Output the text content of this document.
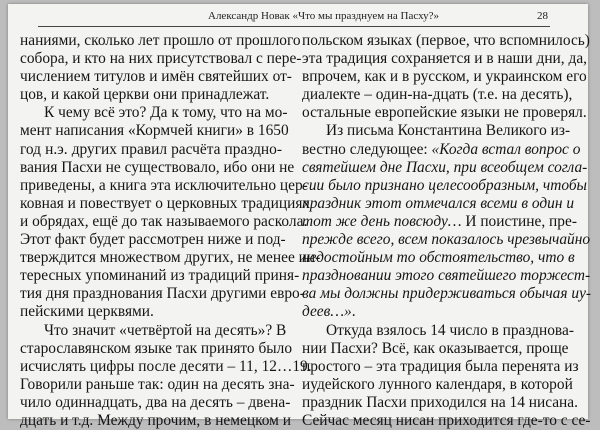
Александр Новак «Что мы празднуем на Пасху?»	28

наниями, сколько лет прошло от прошлого
собора, и кто на них присутствовал с пере-
числением титулов и имён святейших от-
цов, и какой церкви они принадлежат.

К чему всё это? Да к тому, что на мо-
мент написания «Кормчей книги» в 1650
год н.э. других правил расчёта праздно-
вания Пасхи не существовало, ибо они не
приведены, а книга эта исключительно цер-
ковная и повествует о церковных традициях
и обрядах, ещё до так называемого раскола.
Этот факт будет рассмотрен ниже и под-
тверждится множеством других, не менее ин-
тересных упоминаний из традиций приня-
тия дня празднования Пасхи другими евро-
пейскими церквями.

Что значит «четвёртой на десять»? В
старославянском языке так принято было
исчислять цифры после десяти – 11, 12…19.
Говорили раньше так: один на десять зна-
чило одиннадцать, два на десять – двена-
дцать и т.д. Между прочим, в немецком и

польском языках (первое, что вспомнилось)
эта традиция сохраняется и в наши дни, да,
впрочем, как и в русском, и украинском его
диалекте – один-на-дцать (т.е. на десять),
остальные европейские языки не проверял.

Из письма Константина Великого из-
вестно следующее: «Когда встал вопрос о
святейшем дне Пасхи, при всеобщем согла-
сии было признано целесообразным, чтобы
праздник этот отмечался всеми в один и
тот же день повсюду… И поистине, пре-
прежде всего, всем показалось чрезвычайно
недостойным то обстоятельство, что в
праздновании этого святейшего торжест-
ва мы должны придерживаться обычая иу-
деев…».

Откуда взялось 14 число в празднова-
нии Пасхи? Всё, как оказывается, проще
простого – эта традиция была перенята из
иудейского лунного календаря, в которой
праздник Пасхи приходился на 14 нисана.
Сейчас месяц нисан приходится где-то с се-
